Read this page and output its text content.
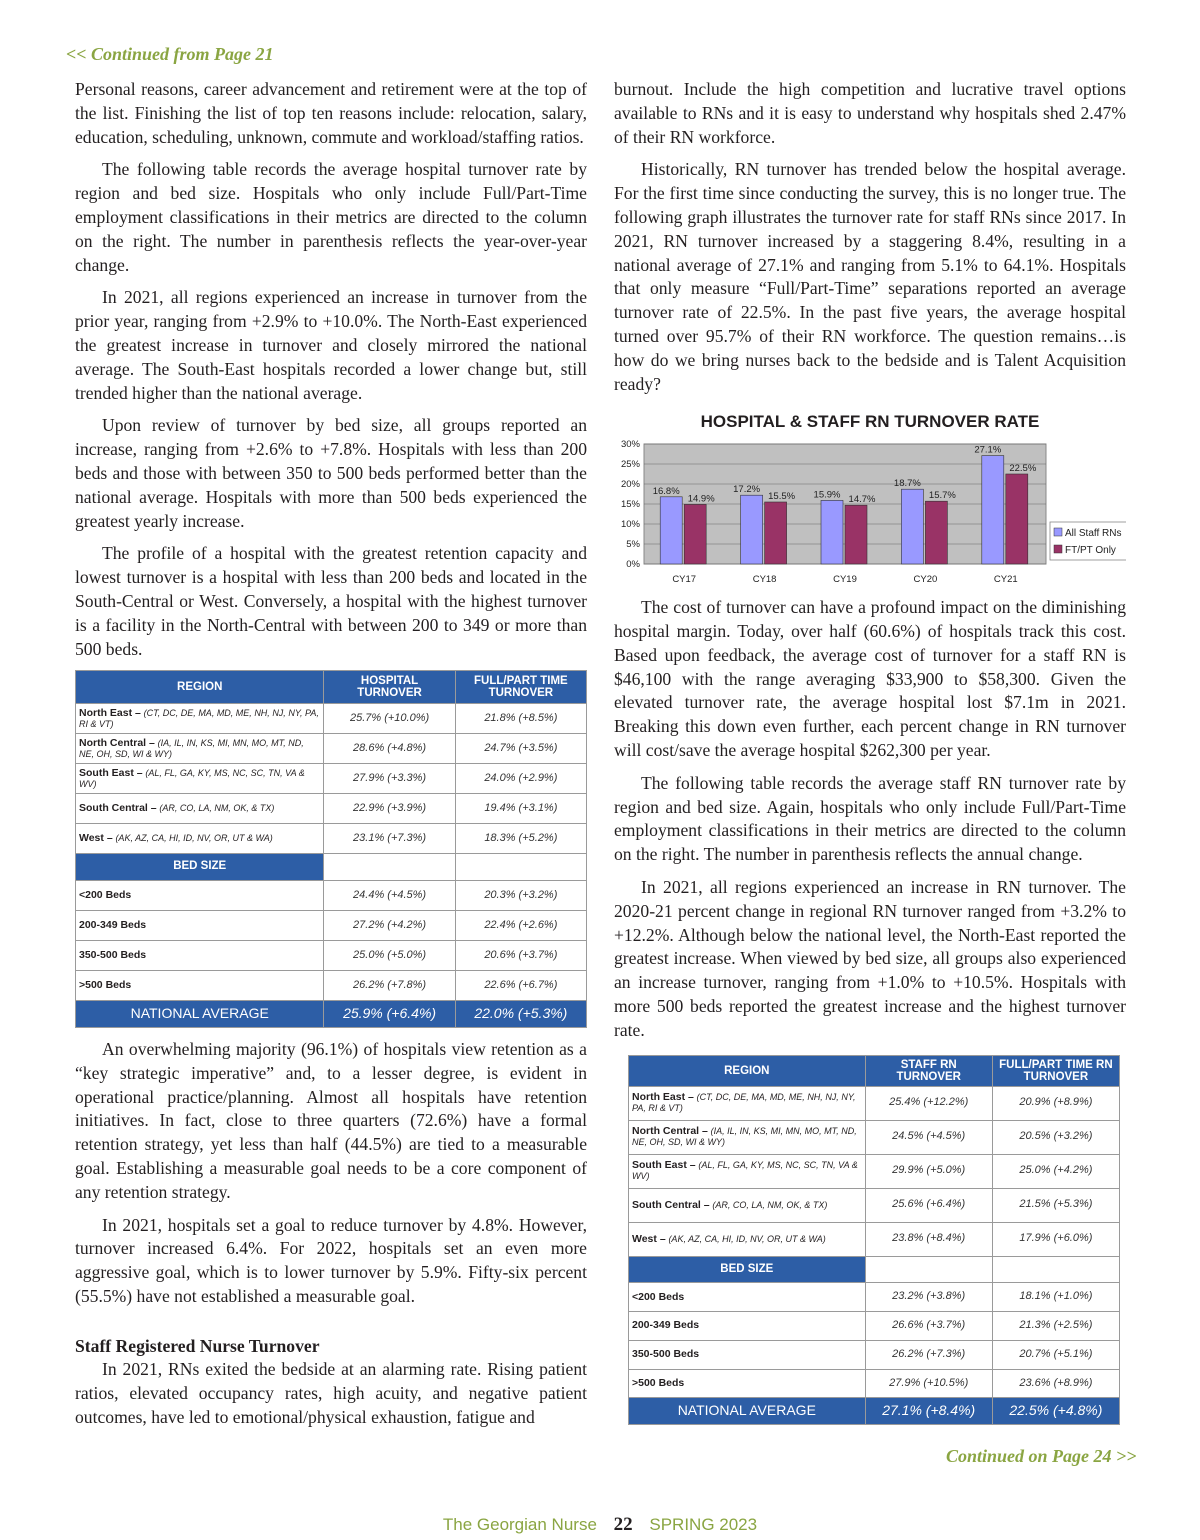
<< Continued from Page 21

Personal reasons, career advancement and retirement were at the top of the list. Finishing the list of top ten reasons include: relocation, salary, education, scheduling, unknown, commute and workload/staffing ratios.

The following table records the average hospital turnover rate by region and bed size. Hospitals who only include Full/Part-Time employment classifications in their metrics are directed to the column on the right. The number in parenthesis reflects the year-over-year change.

In 2021, all regions experienced an increase in turnover from the prior year, ranging from +2.9% to +10.0%. The North-East experienced the greatest increase in turnover and closely mirrored the national average. The South-East hospitals recorded a lower change but, still trended higher than the national average.

Upon review of turnover by bed size, all groups reported an increase, ranging from +2.6% to +7.8%. Hospitals with less than 200 beds and those with between 350 to 500 beds performed better than the national average. Hospitals with more than 500 beds experienced the greatest yearly increase.

The profile of a hospital with the greatest retention capacity and lowest turnover is a hospital with less than 200 beds and located in the South-Central or West. Conversely, a hospital with the highest turnover is a facility in the North-Central with between 200 to 349 or more than 500 beds.

REGION	HOSPITAL TURNOVER	FULL/PART TIME TURNOVER
North East – (CT, DC, DE, MA, MD, ME, NH, NJ, NY, PA, RI & VT)	25.7% (+10.0%)	21.8% (+8.5%)
North Central – (IA, IL, IN, KS, MI, MN, MO, MT, ND, NE, OH, SD, WI & WY)	28.6% (+4.8%)	24.7% (+3.5%)
South East – (AL, FL, GA, KY, MS, NC, SC, TN, VA & WV)	27.9% (+3.3%)	24.0% (+2.9%)
South Central – (AR, CO, LA, NM, OK, & TX)	22.9% (+3.9%)	19.4% (+3.1%)
West – (AK, AZ, CA, HI, ID, NV, OR, UT & WA)	23.1% (+7.3%)	18.3% (+5.2%)
BED SIZE		
<200 Beds	24.4% (+4.5%)	20.3% (+3.2%)
200-349 Beds	27.2% (+4.2%)	22.4% (+2.6%)
350-500 Beds	25.0% (+5.0%)	20.6% (+3.7%)
>500 Beds	26.2% (+7.8%)	22.6% (+6.7%)
NATIONAL AVERAGE	25.9% (+6.4%)	22.0% (+5.3%)

An overwhelming majority (96.1%) of hospitals view retention as a “key strategic imperative” and, to a lesser degree, is evident in operational practice/planning. Almost all hospitals have retention initiatives. In fact, close to three quarters (72.6%) have a formal retention strategy, yet less than half (44.5%) are tied to a measurable goal. Establishing a measurable goal needs to be a core component of any retention strategy.

In 2021, hospitals set a goal to reduce turnover by 4.8%. However, turnover increased 6.4%. For 2022, hospitals set an even more aggressive goal, which is to lower turnover by 5.9%. Fifty-six percent (55.5%) have not established a measurable goal.

Staff Registered Nurse Turnover

In 2021, RNs exited the bedside at an alarming rate. Rising patient ratios, elevated occupancy rates, high acuity, and negative patient outcomes, have led to emotional/physical exhaustion, fatigue and

burnout. Include the high competition and lucrative travel options available to RNs and it is easy to understand why hospitals shed 2.47% of their RN workforce.

Historically, RN turnover has trended below the hospital average. For the first time since conducting the survey, this is no longer true. The following graph illustrates the turnover rate for staff RNs since 2017. In 2021, RN turnover increased by a staggering 8.4%, resulting in a national average of 27.1% and ranging from 5.1% to 64.1%. Hospitals that only measure “Full/Part-Time” separations reported an average turnover rate of 22.5%. In the past five years, the average hospital turned over 95.7% of their RN workforce. The question remains…is how do we bring nurses back to the bedside and is Talent Acquisition ready?

HOSPITAL & STAFF RN TURNOVER RATE
0%
5%
10%
15%
20%
25%
30%
CY17
16.8%
14.9%
CY18
17.2%
15.5%
CY19
15.9% 14.7%
CY20
18.7%
15.7%
CY21
27.1%
22.5%
All Staff RNs
FT/PT Only

The cost of turnover can have a profound impact on the diminishing hospital margin. Today, over half (60.6%) of hospitals track this cost. Based upon feedback, the average cost of turnover for a staff RN is $46,100 with the range averaging $33,900 to $58,300. Given the elevated turnover rate, the average hospital lost $7.1m in 2021. Breaking this down even further, each percent change in RN turnover will cost/save the average hospital $262,300 per year.

The following table records the average staff RN turnover rate by region and bed size. Again, hospitals who only include Full/Part-Time employment classifications in their metrics are directed to the column on the right. The number in parenthesis reflects the annual change.

In 2021, all regions experienced an increase in RN turnover. The 2020-21 percent change in regional RN turnover ranged from +3.2% to +12.2%. Although below the national level, the North-East reported the greatest increase. When viewed by bed size, all groups also experienced an increase turnover, ranging from +1.0% to +10.5%. Hospitals with more 500 beds reported the greatest increase and the highest turnover rate.

REGION	STAFF RN TURNOVER	FULL/PART TIME RN TURNOVER
North East – (CT, DC, DE, MA, MD, ME, NH, NJ, NY, PA, RI & VT)	25.4% (+12.2%)	20.9% (+8.9%)
North Central – (IA, IL, IN, KS, MI, MN, MO, MT, ND, NE, OH, SD, WI & WY)	24.5% (+4.5%)	20.5% (+3.2%)
South East – (AL, FL, GA, KY, MS, NC, SC, TN, VA & WV)	29.9% (+5.0%)	25.0% (+4.2%)
South Central – (AR, CO, LA, NM, OK, & TX)	25.6% (+6.4%)	21.5% (+5.3%)
West – (AK, AZ, CA, HI, ID, NV, OR, UT & WA)	23.8% (+8.4%)	17.9% (+6.0%)
BED SIZE		
<200 Beds	23.2% (+3.8%)	18.1% (+1.0%)
200-349 Beds	26.6% (+3.7%)	21.3% (+2.5%)
350-500 Beds	26.2% (+7.3%)	20.7% (+5.1%)
>500 Beds	27.9% (+10.5%)	23.6% (+8.9%)
NATIONAL AVERAGE	27.1% (+8.4%)	22.5% (+4.8%)
Continued on Page 24 >>
The Georgian Nurse 22 SPRING 2023
